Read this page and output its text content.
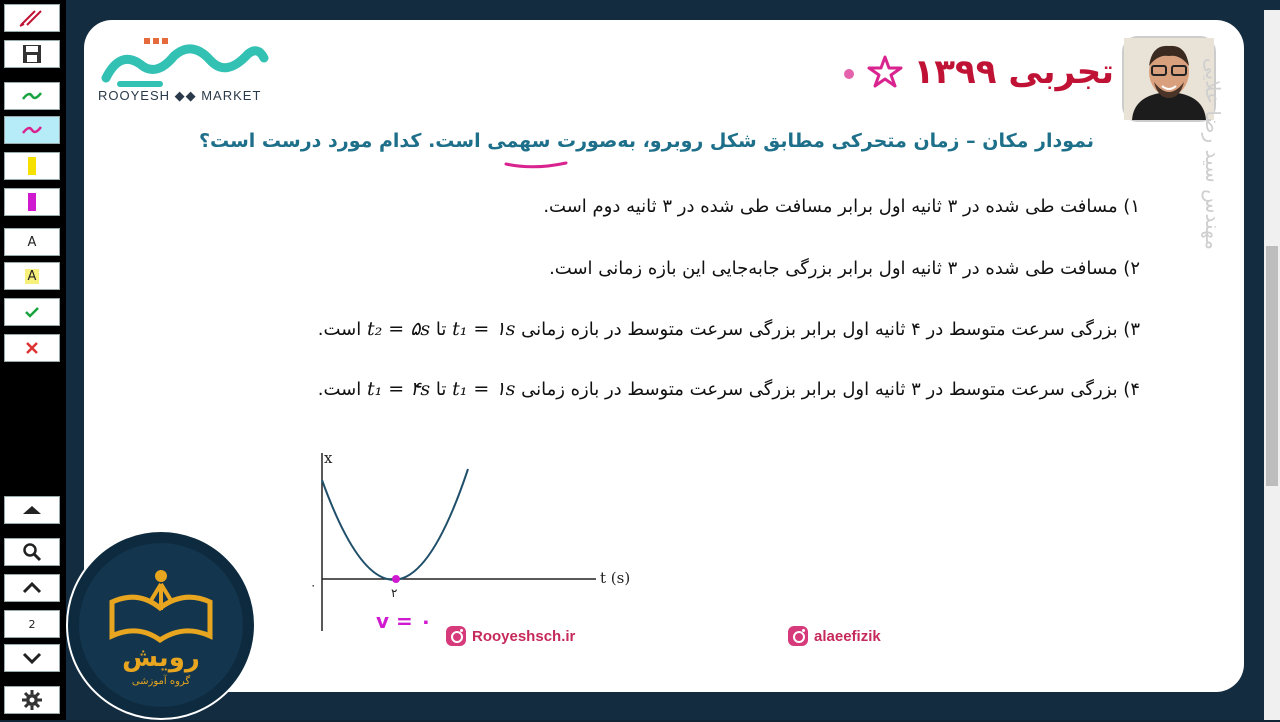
A
A
2
ROOYESH ◆◆ MARKET
تجربی ۱۳۹۹
نمودار مکان – زمان متحرکی مطابق شکل روبرو، به‌صورت سهمی است. کدام مورد درست است؟
۱) مسافت طی شده در ۳ ثانیه اول برابر مسافت طی شده در ۳ ثانیه دوم است.
۲) مسافت طی شده در ۳ ثانیه اول برابر بزرگی جابه‌جایی این بازه زمانی است.
۳) بزرگی سرعت متوسط در ۴ ثانیه اول برابر بزرگی سرعت متوسط در بازه زمانی t₁ = ۱s تا t₂ = ۵s است.
۴) بزرگی سرعت متوسط در ۳ ثانیه اول برابر بزرگی سرعت متوسط در بازه زمانی t₁ = ۱s تا t₁ = ۴s است.
x
t (s)
۰
۲
v = ۰
مهندس سید رضا علایی
Rooyeshsch.ir	alaeefizik
رویش
گروه آموزشی
